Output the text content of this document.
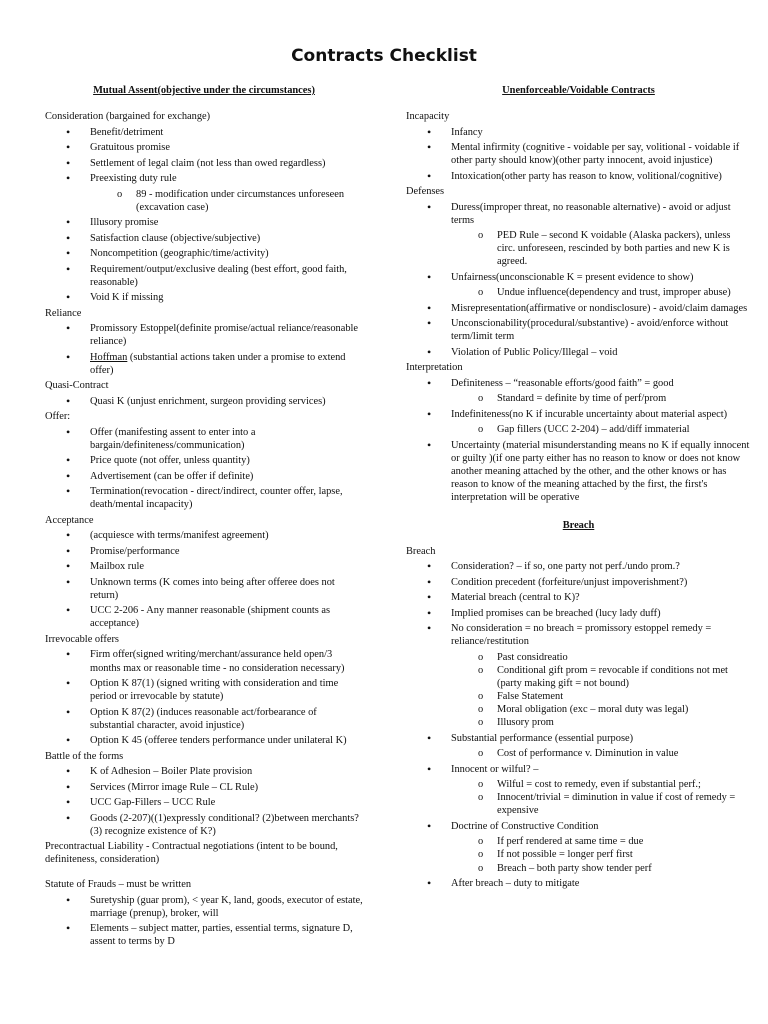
Contracts Checklist
Mutual Assent(objective under the circumstances)

Consideration (bargained for exchange)

• Benefit/detriment
• Gratuitous promise
• Settlement of legal claim (not less than owed regardless)
• Preexisting duty rule
o 89 - modification under circumstances unforeseen (excavation case)
• Illusory promise
• Satisfaction clause (objective/subjective)
• Noncompetition (geographic/time/activity)
• Requirement/output/exclusive dealing (best effort, good faith, reasonable)
• Void K if missing

Reliance

• Promissory Estoppel(definite promise/actual reliance/reasonable reliance)
• Hoffman (substantial actions taken under a promise to extend offer)

Quasi-Contract

• Quasi K (unjust enrichment, surgeon providing services)

Offer:

• Offer (manifesting assent to enter into a bargain/definiteness/communication)
• Price quote (not offer, unless quantity)
• Advertisement (can be offer if definite)
• Termination(revocation - direct/indirect, counter offer, lapse, death/mental incapacity)

Acceptance

• (acquiesce with terms/manifest agreement)
• Promise/performance
• Mailbox rule
• Unknown terms (K comes into being after offeree does not return)
• UCC 2-206 - Any manner reasonable (shipment counts as acceptance)

Irrevocable offers

• Firm offer(signed writing/merchant/assurance held open/3 months max or reasonable time - no consideration necessary)
• Option K 87(1) (signed writing with consideration and time period or irrevocable by statute)
• Option K 87(2) (induces reasonable act/forbearance of substantial character, avoid injustice)
• Option K 45 (offeree tenders performance under unilateral K)

Battle of the forms

• K of Adhesion – Boiler Plate provision
• Services (Mirror image Rule – CL Rule)
• UCC Gap-Fillers – UCC Rule
• Goods (2-207)((1)expressly conditional? (2)between merchants? (3) recognize existence of K?)

Precontractual Liability - Contractual negotiations (intent to be bound, definiteness, consideration)

Statute of Frauds – must be written

• Suretyship (guar prom), < year K, land, goods, executor of estate, marriage (prenup), broker, will
• Elements – subject matter, parties, essential terms, signature D, assent to terms by D
Unenforceable/Voidable Contracts

Incapacity

• Infancy
• Mental infirmity (cognitive - voidable per say, volitional - voidable if other party should know)(other party innocent, avoid injustice)
• Intoxication(other party has reason to know, volitional/cognitive)

Defenses

• Duress(improper threat, no reasonable alternative) - avoid or adjust terms
o PED Rule – second K voidable (Alaska packers), unless circ. unforeseen, rescinded by both parties and new K is agreed.
• Unfairness(unconscionable K = present evidence to show)
o Undue influence(dependency and trust, improper abuse)
• Misrepresentation(affirmative or nondisclosure) - avoid/claim damages
• Unconscionability(procedural/substantive) - avoid/enforce without term/limit term
• Violation of Public Policy/Illegal – void

Interpretation

• Definiteness – “reasonable efforts/good faith” = good
o Standard = definite by time of perf/prom
• Indefiniteness(no K if incurable uncertainty about material aspect)
o Gap fillers (UCC 2-204) – add/diff immaterial
• Uncertainty (material misunderstanding means no K if equally innocent or guilty )(if one party either has no reason to know or does not know another meaning attached by the other, and the other knows or has reason to know of the meaning attached by the first, the first's interpretation will be operative
Breach

Breach

• Consideration? – if so, one party not perf./undo prom.?
• Condition precedent (forfeiture/unjust impoverishment?)
• Material breach (central to K)?
• Implied promises can be breached (lucy lady duff)
• No consideration = no breach = promissory estoppel remedy = reliance/restitution
o Past considreatio
o Conditional gift prom = revocable if conditions not met (party making gift = not bound)
o False Statement
o Moral obligation (exc – moral duty was legal)
o Illusory prom
• Substantial performance (essential purpose)
o Cost of performance v. Diminution in value
• Innocent or wilful? –
o Wilful = cost to remedy, even if substantial perf.;
o Innocent/trivial = diminution in value if cost of remedy = expensive
• Doctrine of Constructive Condition
o If perf rendered at same time = due
o If not possible = longer perf first
o Breach – both party show tender perf
• After breach – duty to mitigate
